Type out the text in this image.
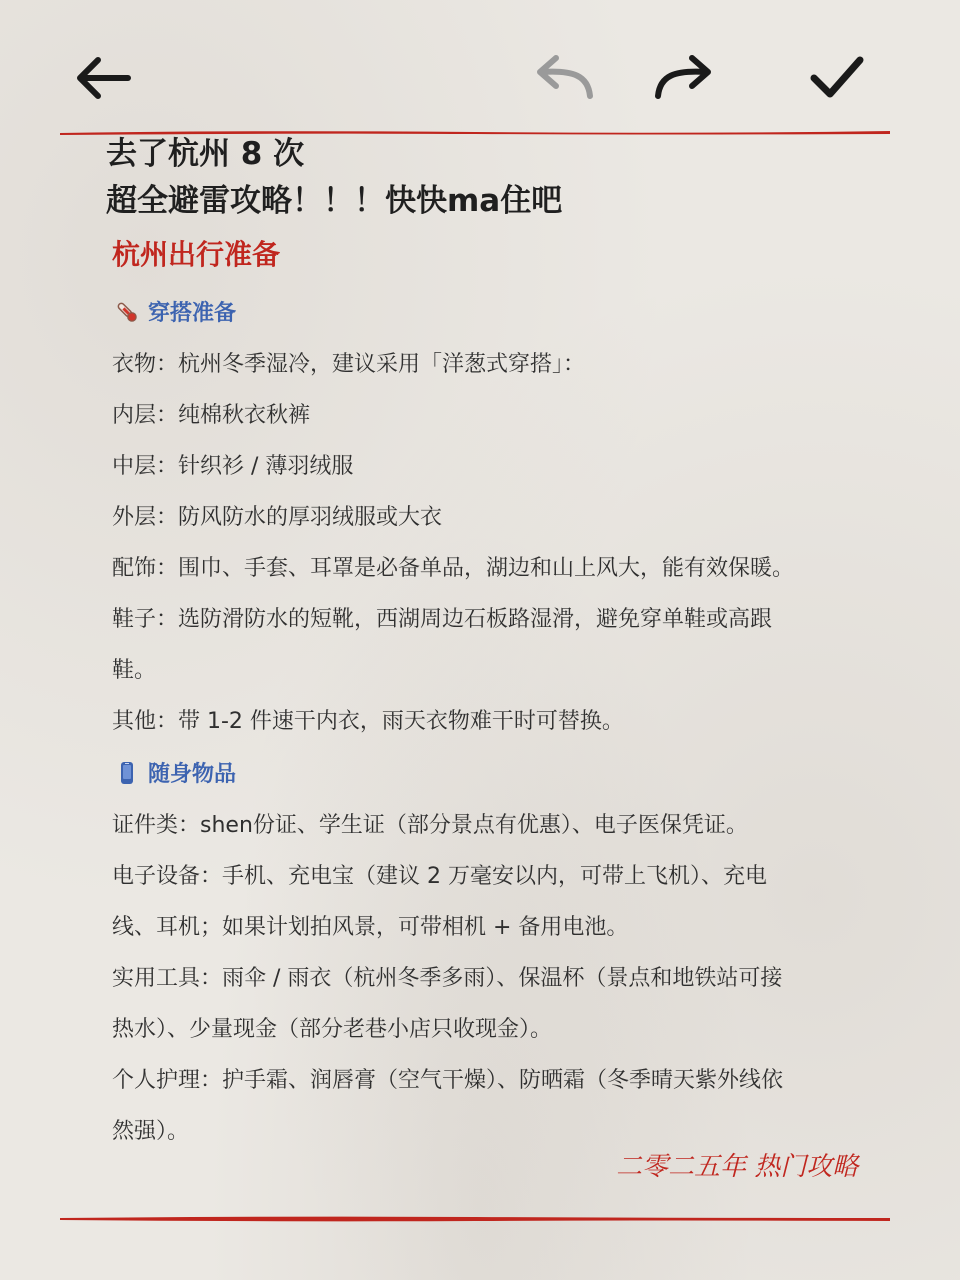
去了杭州 8 次
超全避雷攻略！！！快快ma住吧
杭州出行准备
穿搭准备
衣物：杭州冬季湿冷，建议采用「洋葱式穿搭」：
内层：纯棉秋衣秋裤
中层：针织衫 / 薄羽绒服
外层：防风防水的厚羽绒服或大衣
配饰：围巾、手套、耳罩是必备单品，湖边和山上风大，能有效保暖。
鞋子：选防滑防水的短靴，西湖周边石板路湿滑，避免穿单鞋或高跟
鞋。
其他：带 1-2 件速干内衣，雨天衣物难干时可替换。
随身物品
证件类：shen份证、学生证（部分景点有优惠）、电子医保凭证。
电子设备：手机、充电宝（建议 2 万毫安以内，可带上飞机）、充电
线、耳机；如果计划拍风景，可带相机 + 备用电池。
实用工具：雨伞 / 雨衣（杭州冬季多雨）、保温杯（景点和地铁站可接
热水）、少量现金（部分老巷小店只收现金）。
个人护理：护手霜、润唇膏（空气干燥）、防晒霜（冬季晴天紫外线依
然强）。
二零二五年 热门攻略
